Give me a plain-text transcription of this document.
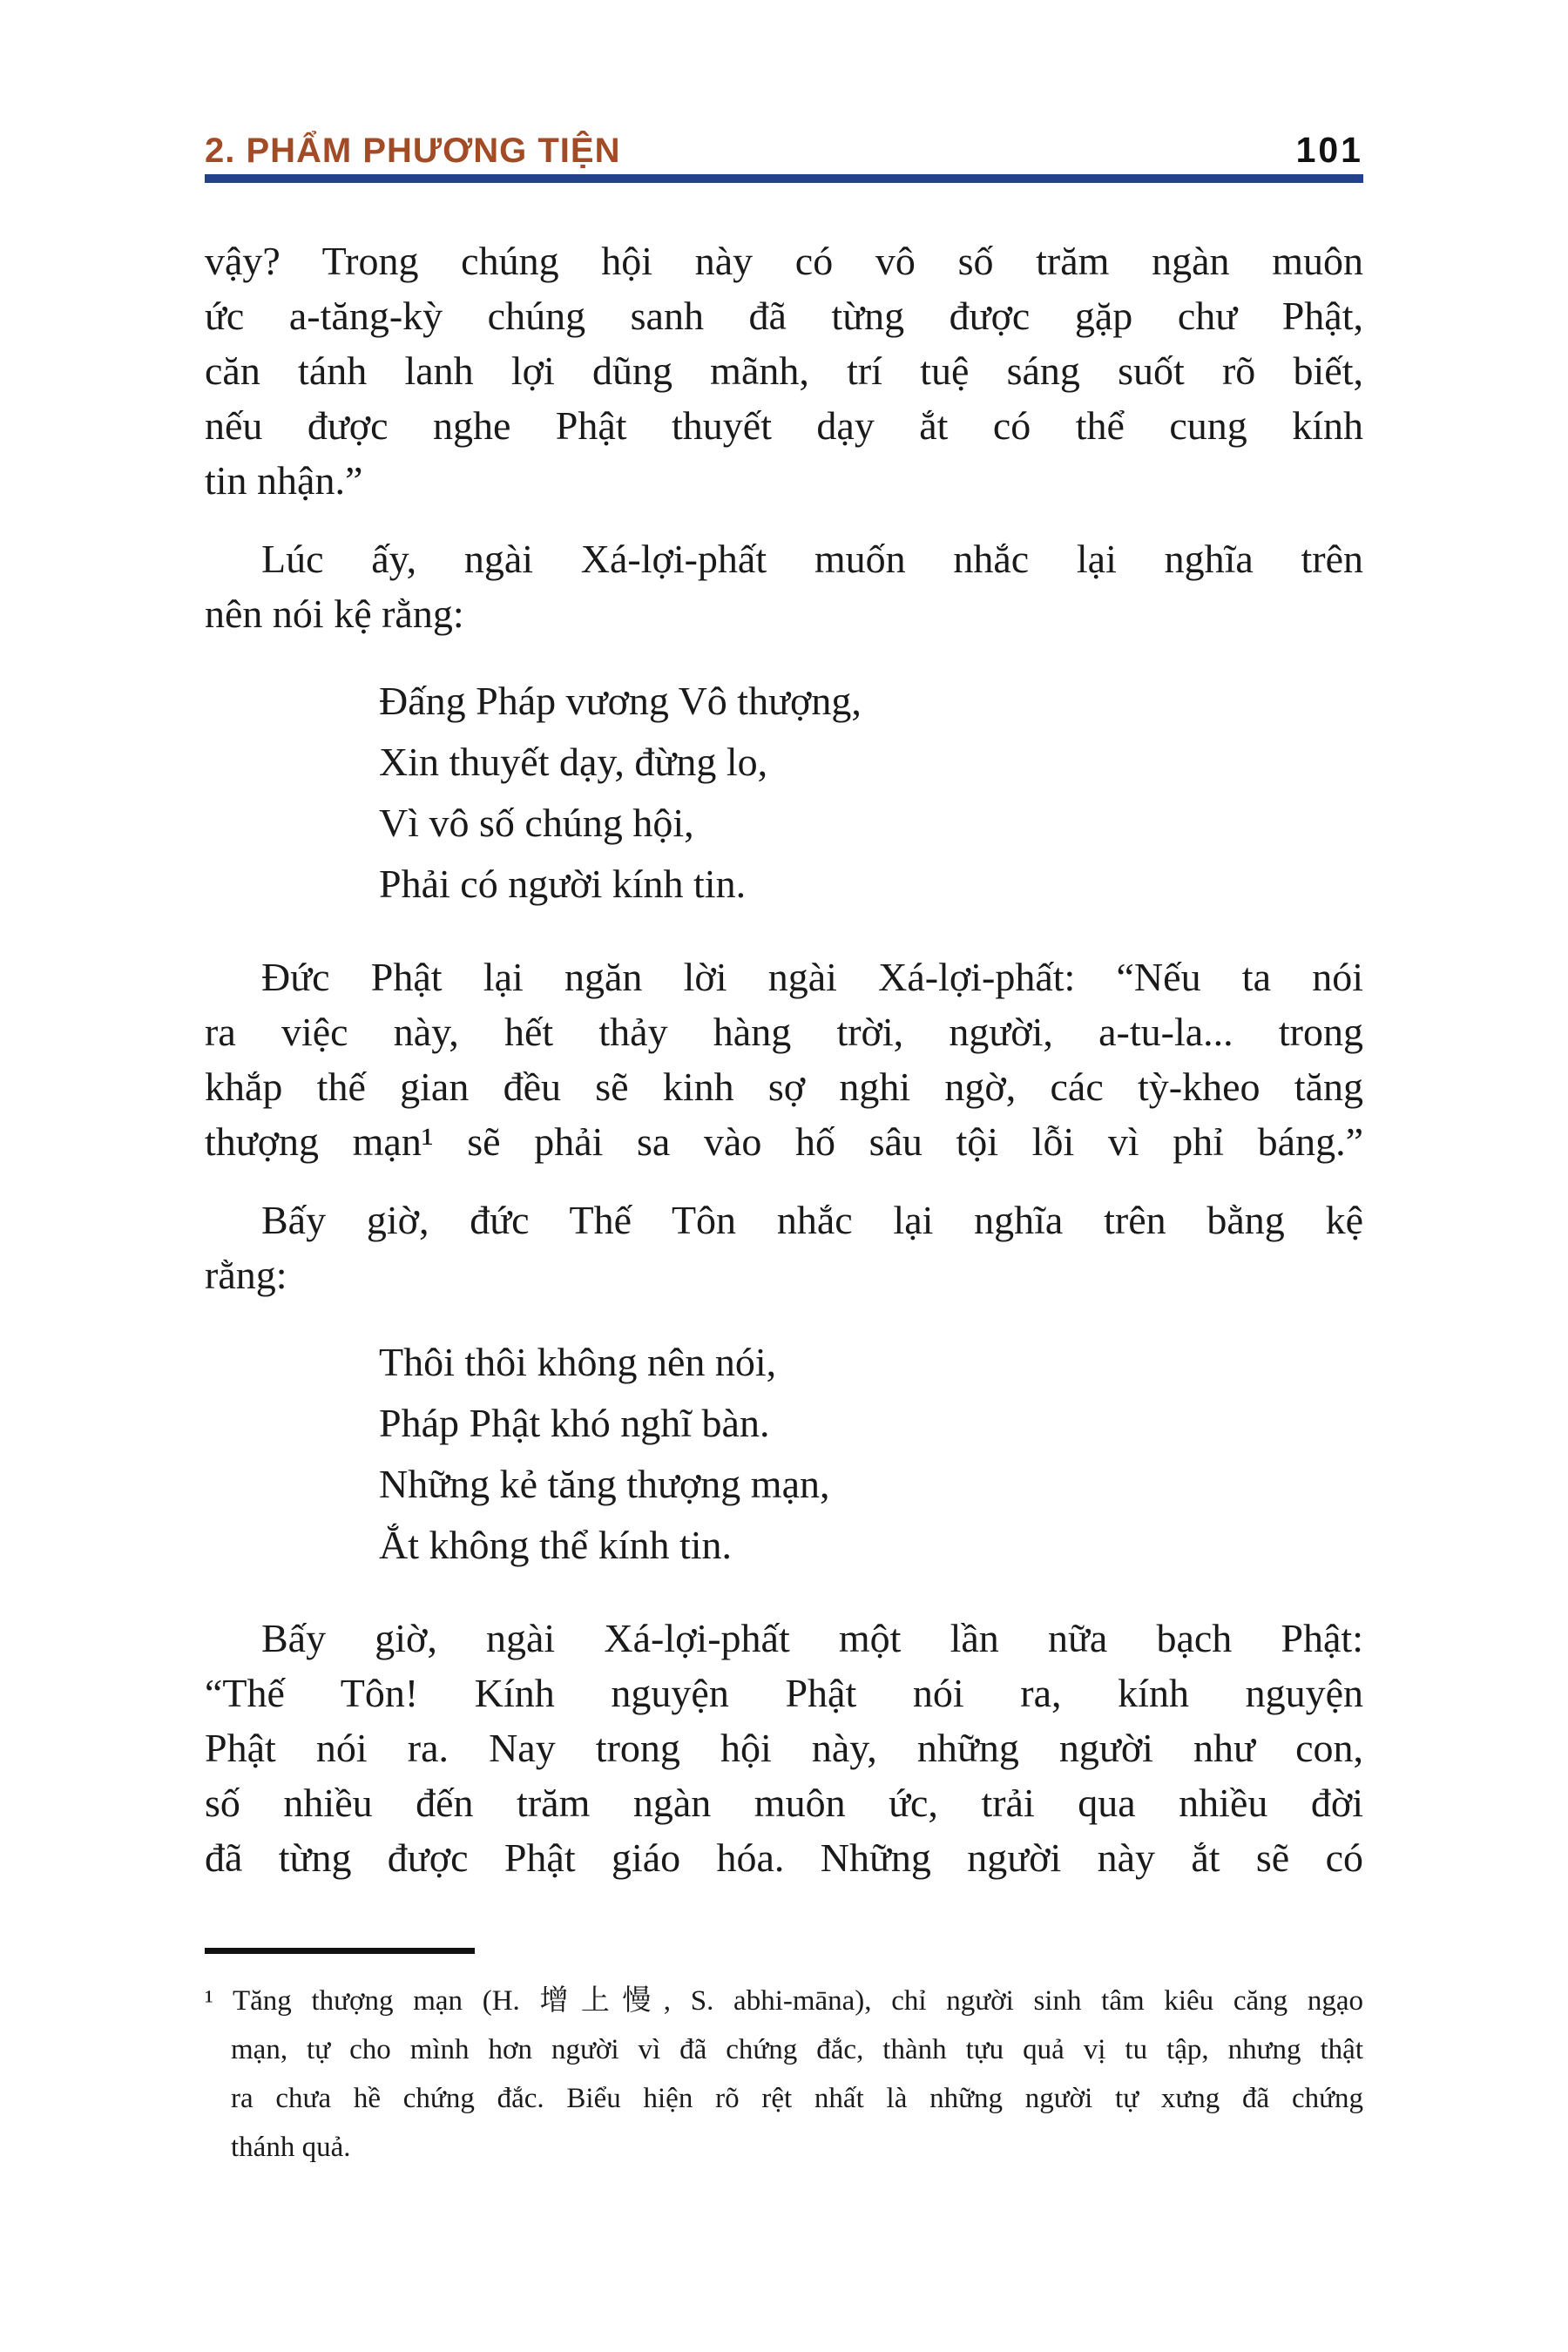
2. PHẨM PHƯƠNG TIỆN	101
vậy? Trong chúng hội này có vô số trăm ngàn muôn
ức a-tăng-kỳ chúng sanh đã từng được gặp chư Phật,
căn tánh lanh lợi dũng mãnh, trí tuệ sáng suốt rõ biết,
nếu được nghe Phật thuyết dạy ắt có thể cung kính
tin nhận.”
Lúc ấy, ngài Xá-lợi-phất muốn nhắc lại nghĩa trên
nên nói kệ rằng:
Đấng Pháp vương Vô thượng,
Xin thuyết dạy, đừng lo,
Vì vô số chúng hội,
Phải có người kính tin.
Đức Phật lại ngăn lời ngài Xá-lợi-phất: “Nếu ta nói
ra việc này, hết thảy hàng trời, người, a-tu-la... trong
khắp thế gian đều sẽ kinh sợ nghi ngờ, các tỳ-kheo tăng
thượng mạn¹ sẽ phải sa vào hố sâu tội lỗi vì phỉ báng.”
Bấy giờ, đức Thế Tôn nhắc lại nghĩa trên bằng kệ
rằng:
Thôi thôi không nên nói,
Pháp Phật khó nghĩ bàn.
Những kẻ tăng thượng mạn,
Ắt không thể kính tin.
Bấy giờ, ngài Xá-lợi-phất một lần nữa bạch Phật:
“Thế Tôn! Kính nguyện Phật nói ra, kính nguyện
Phật nói ra. Nay trong hội này, những người như con,
số nhiều đến trăm ngàn muôn ức, trải qua nhiều đời
đã từng được Phật giáo hóa. Những người này ắt sẽ có
¹ Tăng thượng mạn (H. 增上慢, S. abhi-māna), chỉ người sinh tâm kiêu căng ngạo
mạn, tự cho mình hơn người vì đã chứng đắc, thành tựu quả vị tu tập, nhưng thật
ra chưa hề chứng đắc. Biểu hiện rõ rệt nhất là những người tự xưng đã chứng
thánh quả.
